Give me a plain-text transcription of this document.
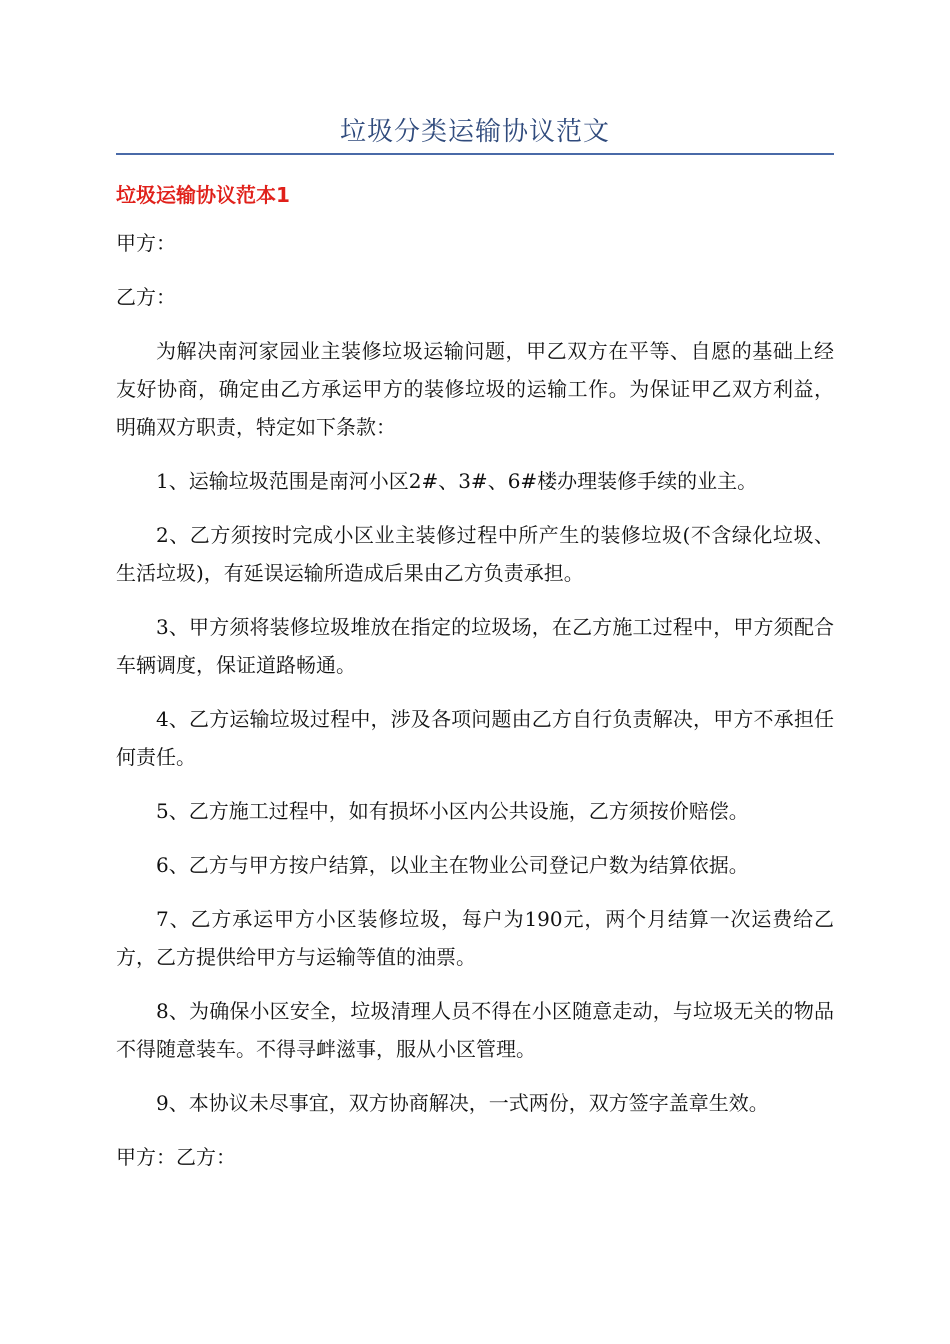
垃圾分类运输协议范文
垃圾运输协议范本1

甲方：

乙方：

为解决南河家园业主装修垃圾运输问题，甲乙双方在平等、自愿的基础上经友好协商，确定由乙方承运甲方的装修垃圾的运输工作。为保证甲乙双方利益，明确双方职责，特定如下条款：

1、运输垃圾范围是南河小区2#、3#、6#楼办理装修手续的业主。

2、乙方须按时完成小区业主装修过程中所产生的装修垃圾(不含绿化垃圾、生活垃圾)，有延误运输所造成后果由乙方负责承担。

3、甲方须将装修垃圾堆放在指定的垃圾场，在乙方施工过程中，甲方须配合车辆调度，保证道路畅通。

4、乙方运输垃圾过程中，涉及各项问题由乙方自行负责解决，甲方不承担任何责任。

5、乙方施工过程中，如有损坏小区内公共设施，乙方须按价赔偿。

6、乙方与甲方按户结算，以业主在物业公司登记户数为结算依据。

7、乙方承运甲方小区装修垃圾，每户为190元，两个月结算一次运费给乙方，乙方提供给甲方与运输等值的油票。

8、为确保小区安全，垃圾清理人员不得在小区随意走动，与垃圾无关的物品不得随意装车。不得寻衅滋事，服从小区管理。

9、本协议未尽事宜，双方协商解决，一式两份，双方签字盖章生效。

甲方：乙方：
